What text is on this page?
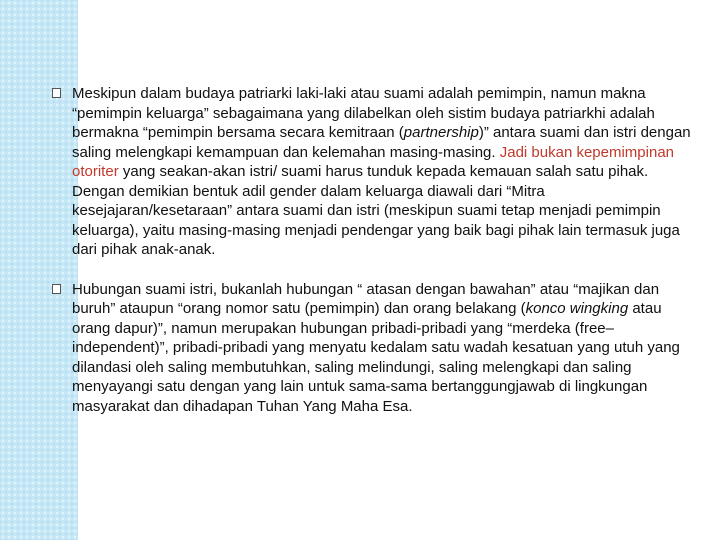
Meskipun dalam budaya patriarki laki-laki atau suami adalah pemimpin, namun makna “pemimpin keluarga” sebagaimana yang dilabelkan oleh sistim budaya patriarkhi adalah bermakna “pemimpin bersama secara kemitraan (partnership)” antara suami dan istri dengan saling melengkapi kemampuan dan kelemahan masing-masing. Jadi bukan kepemimpinan otoriter yang seakan-akan istri/ suami harus tunduk kepada kemauan salah satu pihak. Dengan demikian bentuk adil gender dalam keluarga diawali dari “Mitra kesejajaran/kesetaraan” antara suami dan istri (meskipun suami tetap menjadi pemimpin keluarga), yaitu masing-masing menjadi pendengar yang baik bagi pihak lain termasuk juga dari pihak anak-anak.
Hubungan suami istri, bukanlah hubungan “ atasan dengan bawahan” atau “majikan dan buruh” ataupun “orang nomor satu (pemimpin) dan orang belakang (konco wingking atau orang dapur)”, namun merupakan hubungan pribadi-pribadi yang “merdeka (free–independent)”, pribadi-pribadi yang menyatu kedalam satu wadah kesatuan yang utuh yang dilandasi oleh saling membutuhkan, saling melindungi, saling melengkapi dan saling menyayangi satu dengan yang lain untuk sama-sama bertanggungjawab di lingkungan masyarakat dan dihadapan Tuhan Yang Maha Esa.
